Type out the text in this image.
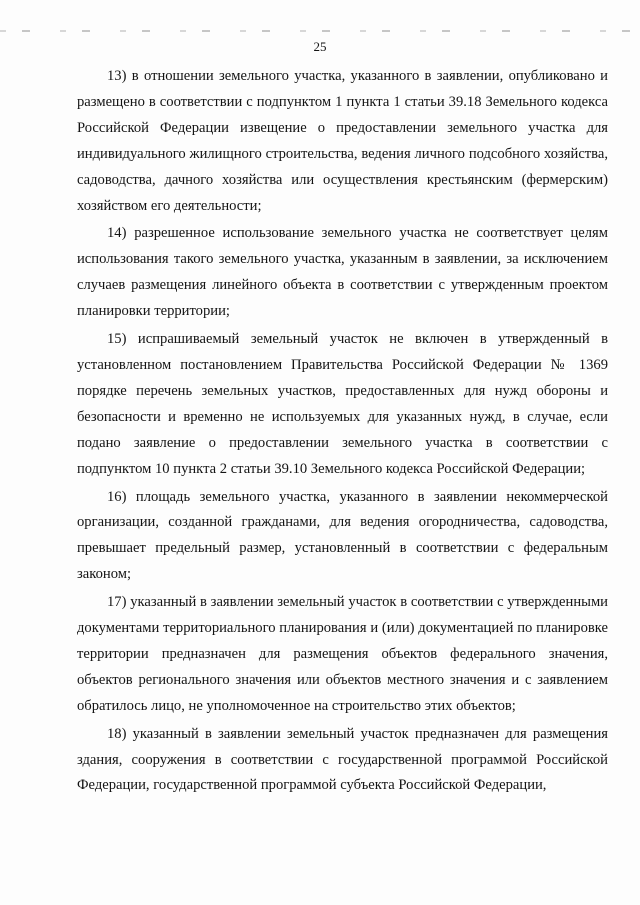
25

13) в отношении земельного участка, указанного в заявлении, опубликовано и размещено в соответствии с подпунктом 1 пункта 1 статьи 39.18 Земельного кодекса Российской Федерации извещение о предоставлении земельного участка для индивидуального жилищного строительства, ведения личного подсобного хозяйства, садоводства, дачного хозяйства или осуществления крестьянским (фермерским) хозяйством его деятельности;

14) разрешенное использование земельного участка не соответствует целям использования такого земельного участка, указанным в заявлении, за исключением случаев размещения линейного объекта в соответствии с утвержденным проектом планировки территории;

15) испрашиваемый земельный участок не включен в утвержденный в установленном постановлением Правительства Российской Федерации № 1369 порядке перечень земельных участков, предоставленных для нужд обороны и безопасности и временно не используемых для указанных нужд, в случае, если подано заявление о предоставлении земельного участка в соответствии с подпунктом 10 пункта 2 статьи 39.10 Земельного кодекса Российской Федерации;

16) площадь земельного участка, указанного в заявлении некоммерческой организации, созданной гражданами, для ведения огородничества, садоводства, превышает предельный размер, установленный в соответствии с федеральным законом;

17) указанный в заявлении земельный участок в соответствии с утвержденными документами территориального планирования и (или) документацией по планировке территории предназначен для размещения объектов федерального значения, объектов регионального значения или объектов местного значения и с заявлением обратилось лицо, не уполномоченное на строительство этих объектов;

18) указанный в заявлении земельный участок предназначен для размещения здания, сооружения в соответствии с государственной программой Российской Федерации, государственной программой субъекта Российской Федерации,
